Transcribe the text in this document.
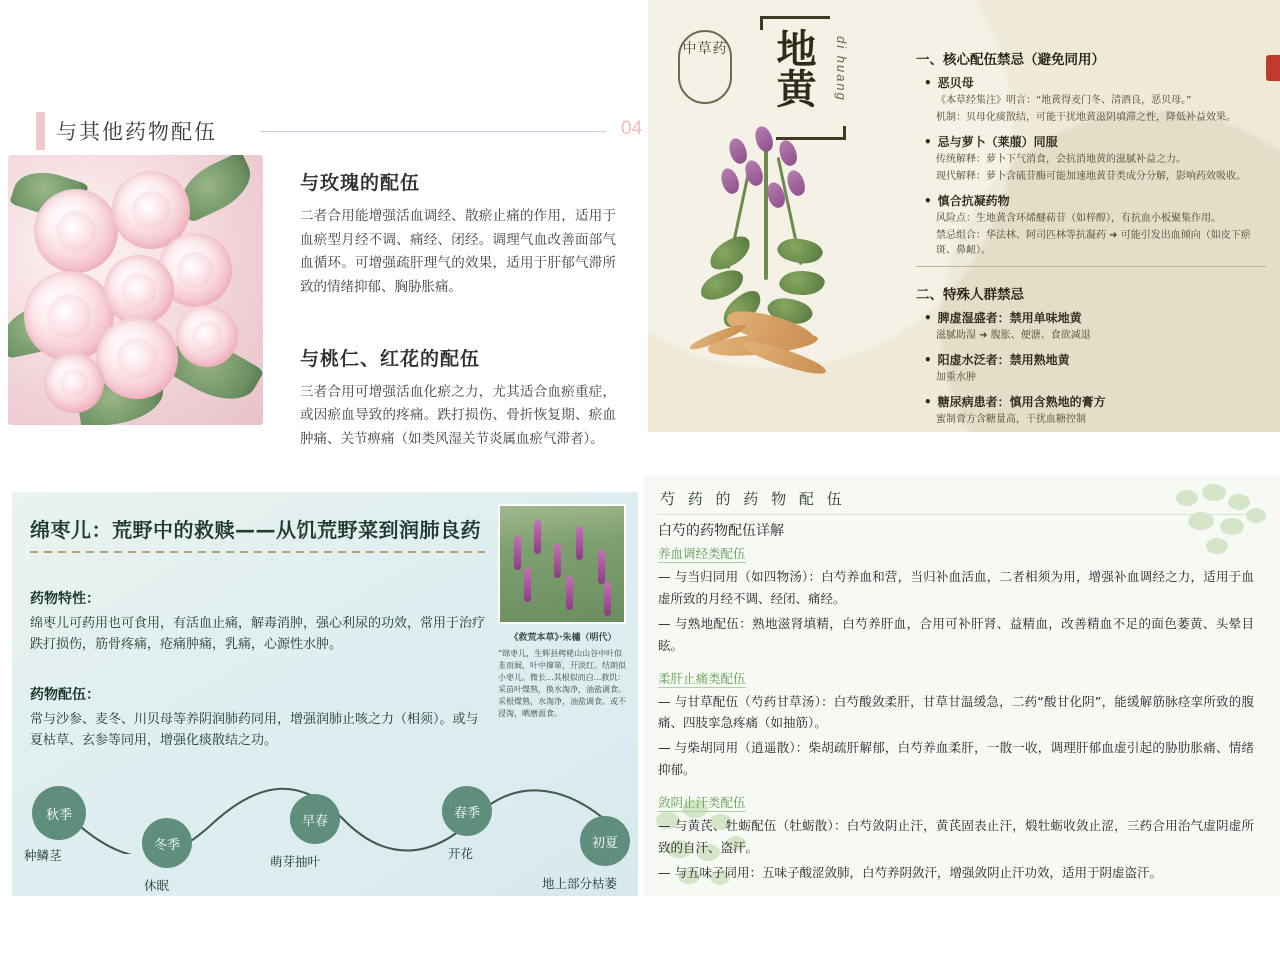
与其他药物配伍	04
与玫瑰的配伍

二者合用能增强活血调经、散瘀止痛的作用，适用于血瘀型月经不调、痛经、闭经。调理气血改善面部气血循环。可增强疏肝理气的效果，适用于肝郁气滞所致的情绪抑郁、胸胁胀痛。

与桃仁、红花的配伍

三者合用可增强活血化瘀之力，尤其适合血瘀重症，或因瘀血导致的疼痛。跌打损伤、骨折恢复期、瘀血肿痛、关节痹痛（如类风湿关节炎属血瘀气滞者）。

中草药 地黄 di huang	一、核心配伍禁忌（避免同用）

• 恶贝母

《本草经集注》明言：“地黄得麦门冬、清酒良，恶贝母。”

机制：贝母化痰散结，可能干扰地黄滋阴填滞之性，降低补益效果。

• 忌与萝卜（莱菔）同服

传统解释：萝卜下气消食，会抗消地黄的滋腻补益之力。

现代解释：萝卜含硫苷酶可能加速地黄苷类成分分解，影响药效吸收。

• 慎合抗凝药物

风险点：生地黄含环烯醚萜苷（如梓醇），有抗血小板聚集作用。

禁忌组合：华法林、阿司匹林等抗凝药 ➜ 可能引发出血倾向（如皮下瘀斑、鼻衄）。

二、特殊人群禁忌

• 脾虚湿盛者：禁用单味地黄

滋腻助湿 ➜ 腹胀、便溏、食欲减退

• 阳虚水泛者：禁用熟地黄

加重水肿

• 糖尿病患者：慎用含熟地的膏方

蜜制膏方含糖量高，干扰血糖控制

绵枣儿：荒野中的救赎——从饥荒野菜到润肺良药

药物特性：

绵枣儿可药用也可食用，有活血止痛，解毒消肿，强心利尿的功效，常用于治疗跌打损伤，筋骨疼痛，疮痛肿痛，乳痛，心源性水肿。

药物配伍：

常与沙参、麦冬、川贝母等养阴润肺药同用，增强润肺止咳之力（相须）。或与夏枯草、玄参等同用，增强化痰散结之功。

《救荒本草》·朱橚（明代）
“绵枣儿，生辉县栲栳山山谷中叶似韭而阔，叶中撺箪，开淡红。结朗似小枣儿。微长...其根似而白...救饥：采苗叶煠熟，换水淘净，油盐调食。采根煠熟，水淘净，油盐调食。或不浸淘，晒磨面食。
秋季
种鳞茎
冬季
休眠
早春
萌芽抽叶
春季
开花
初夏
地上部分枯萎
芍 药 的 药 物 配 伍
白芍的药物配伍详解

养血调经类配伍

— 与当归同用（如四物汤）：白芍养血和营，当归补血活血，二者相须为用，增强补血调经之力，适用于血虚所致的月经不调、经闭、痛经。

— 与熟地配伍：熟地滋肾填精，白芍养肝血，合用可补肝肾、益精血，改善精血不足的面色萎黄、头晕目眩。

柔肝止痛类配伍

— 与甘草配伍（芍药甘草汤）：白芍酸敛柔肝，甘草甘温缓急，二药“酸甘化阴”，能缓解筋脉痉挛所致的腹痛、四肢挛急疼痛（如抽筋）。

— 与柴胡同用（逍遥散）：柴胡疏肝解郁，白芍养血柔肝，一散一收，调理肝郁血虚引起的胁肋胀痛、情绪抑郁。

敛阴止汗类配伍

— 与黄芪、牡蛎配伍（牡蛎散）：白芍敛阴止汗，黄芪固表止汗，煅牡蛎收敛止涩，三药合用治气虚阴虚所致的自汗、盗汗。

— 与五味子同用：五味子酸涩敛肺，白芍养阴敛汗，增强敛阴止汗功效，适用于阴虚盗汗。
